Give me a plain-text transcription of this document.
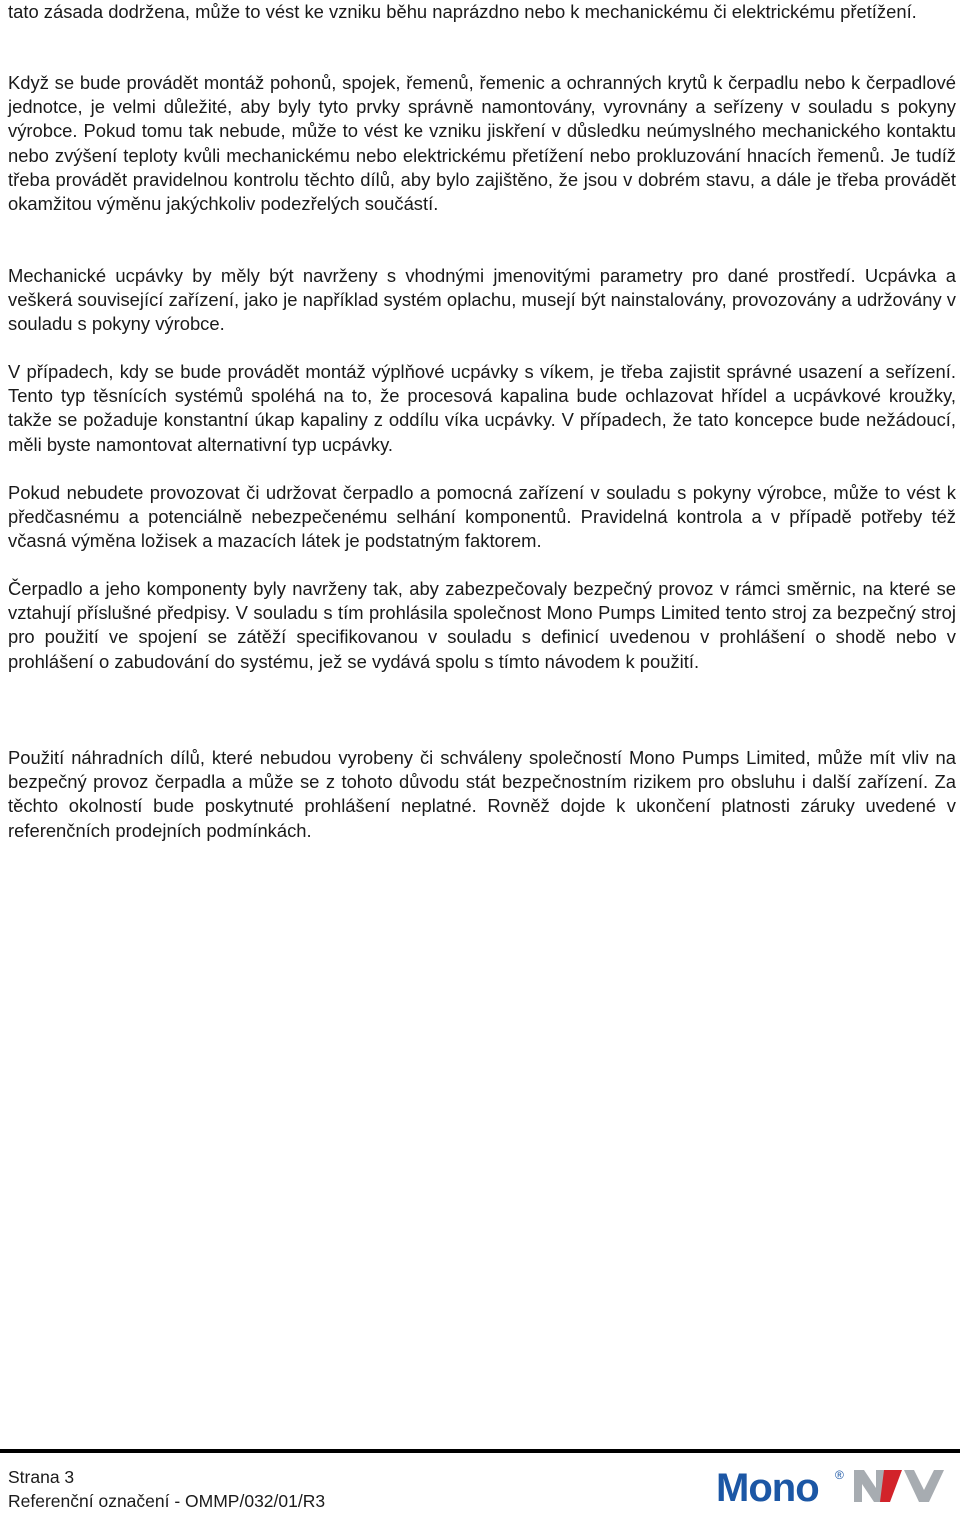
tato zásada dodržena, může to vést ke vzniku běhu naprázdno nebo k mechanickému či elektrickému přetížení.

Když se bude provádět montáž pohonů, spojek, řemenů, řemenic a ochranných krytů k čerpadlu nebo k čerpadlové jednotce, je velmi důležité, aby byly tyto prvky správně namontovány, vyrovnány a seřízeny v souladu s pokyny výrobce. Pokud tomu tak nebude, může to vést ke vzniku jiskření v důsledku neúmyslného mechanického kontaktu nebo zvýšení teploty kvůli mechanickému nebo elektrickému přetížení nebo prokluzování hnacích řemenů. Je tudíž třeba provádět pravidelnou kontrolu těchto dílů, aby bylo zajištěno, že jsou v dobrém stavu, a dále je třeba provádět okamžitou výměnu jakýchkoliv podezřelých součástí.

Mechanické ucpávky by měly být navrženy s vhodnými jmenovitými parametry pro dané prostředí. Ucpávka a veškerá související zařízení, jako je například systém oplachu, musejí být nainstalovány, provozovány a udržovány v souladu s pokyny výrobce.

V případech, kdy se bude provádět montáž výplňové ucpávky s víkem, je třeba zajistit správné usazení a seřízení. Tento typ těsnících systémů spoléhá na to, že procesová kapalina bude ochlazovat hřídel a ucpávkové kroužky, takže se požaduje konstantní úkap kapaliny z oddílu víka ucpávky. V případech, že tato koncepce bude nežádoucí, měli byste namontovat alternativní typ ucpávky.

Pokud nebudete provozovat či udržovat čerpadlo a pomocná zařízení v souladu s pokyny výrobce, může to vést k předčasnému a potenciálně nebezpečenému selhání komponentů. Pravidelná kontrola a v případě potřeby též včasná výměna ložisek a mazacích látek je podstatným faktorem.

Čerpadlo a jeho komponenty byly navrženy tak, aby zabezpečovaly bezpečný provoz v rámci směrnic, na které se vztahují příslušné předpisy. V souladu s tím prohlásila společnost Mono Pumps Limited tento stroj za bezpečný stroj pro použití ve spojení se zátěží specifikovanou v souladu s definicí uvedenou v prohlášení o shodě nebo v prohlášení o zabudování do systému, jež se vydává spolu s tímto návodem k použití.

Použití náhradních dílů, které nebudou vyrobeny či schváleny společností Mono Pumps Limited, může mít vliv na bezpečný provoz čerpadla a může se z tohoto důvodu stát bezpečnostním rizikem pro obsluhu i další zařízení. Za těchto okolností bude poskytnuté prohlášení neplatné. Rovněž dojde k ukončení platnosti záruky uvedené v referenčních prodejních podmínkách.

Strana 3
Referenční označení - OMMP/032/01/R3	Mono ®
